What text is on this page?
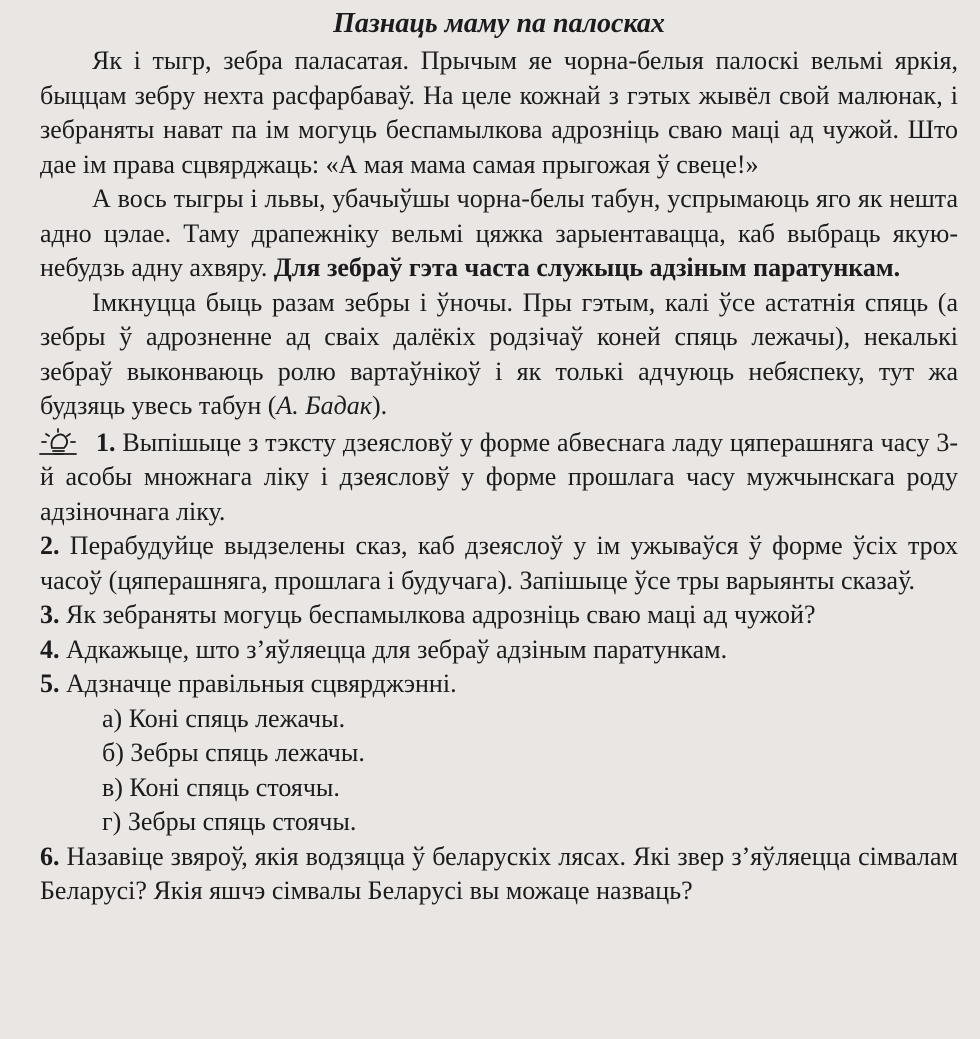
Пазнаць маму па палосках

Як і тыгр, зебра паласатая. Прычым яе чорна-белыя палоскі вельмі яркія, быццам зебру нехта расфарбаваў. На целе кожнай з гэтых жывёл свой малюнак, і зебраняты нават па ім могуць беспамылкова адрозніць сваю маці ад чужой. Што дае ім права сцвярджаць: «А мая мама самая прыгожая ў свеце!»

А вось тыгры і львы, убачыўшы чорна-белы табун, успрымаюць яго як нешта адно цэлае. Таму драпежніку вельмі цяжка зарыентавацца, каб выбраць якую-небудзь адну ахвяру. Для зебраў гэта часта служыць адзіным паратункам.

Імкнуцца быць разам зебры і ўночы. Пры гэтым, калі ўсе астатнія спяць (а зебры ў адрозненне ад сваіх далёкіх родзічаў коней спяць лежачы), некалькі зебраў выконваюць ролю вартаўнікоў і як толькі адчуюць небяспеку, тут жа будзяць увесь табун (А. Бадак).

1. Выпішыце з тэксту дзеясловў у форме абвеснага ладу цяперашняга часу 3-й асобы множнага ліку і дзеясловў у форме прошлага часу мужчынскага роду адзіночнага ліку.
2. Перабудуйце выдзелены сказ, каб дзеяслоў у ім ужываўся ў форме ўсіх трох часоў (цяперашняга, прошлага і будучага). Запішыце ўсе тры варыянты сказаў.
3. Як зебраняты могуць беспамылкова адрозніць сваю маці ад чужой?
4. Адкажыце, што з’яўляецца для зебраў адзіным паратункам.
5. Адзначце правільныя сцвярджэнні.

а) Коні спяць лежачы.

б) Зебры спяць лежачы.

в) Коні спяць стоячы.

г) Зебры спяць стоячы.

6. Назавіце звяроў, якія водзяцца ў беларускіх лясах. Які звер з’яўляецца сімвалам Беларусі? Якія яшчэ сімвалы Беларусі вы можаце назваць?
